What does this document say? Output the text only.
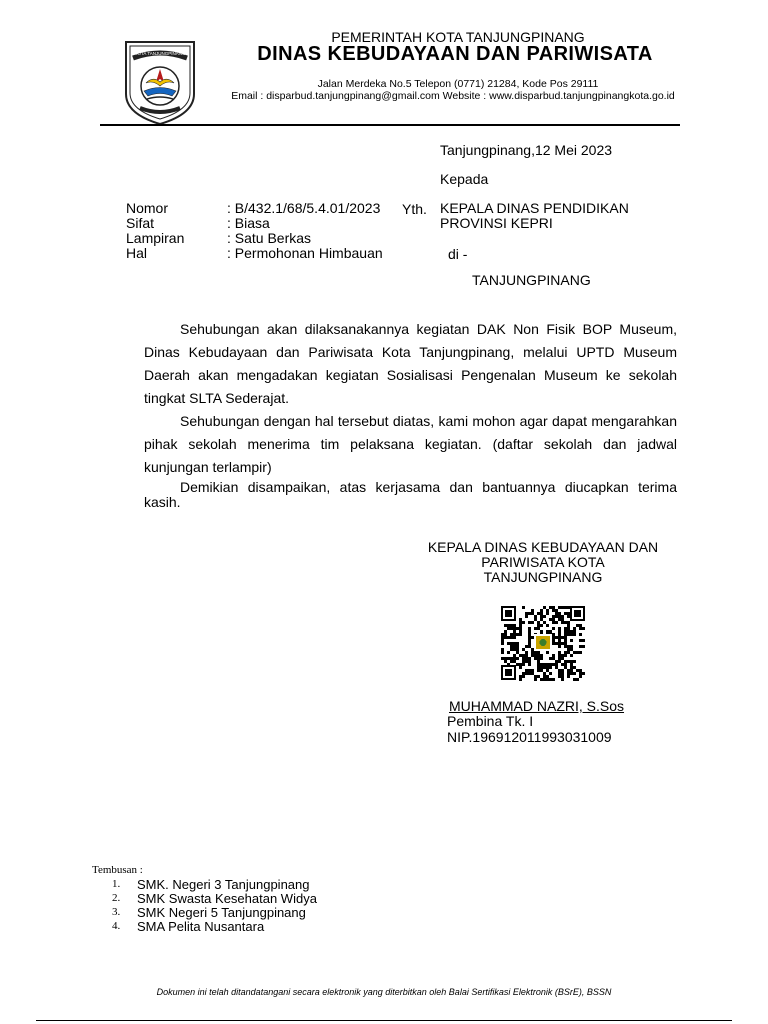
KOTA TANJUNGPINANG
PEMERINTAH KOTA TANJUNGPINANG
DINAS KEBUDAYAAN DAN PARIWISATA
Jalan Merdeka No.5 Telepon (0771) 21284, Kode Pos 29111
Email : disparbud.tanjungpinang@gmail.com Website : www.disparbud.tanjungpinangkota.go.id
Tanjungpinang,12 Mei 2023
Kepada
Nomor	: B/432.1/68/5.4.01/2023
Sifat	: Biasa
Lampiran	: Satu Berkas
Hal	: Permohonan Himbauan
Yth. KEPALA DINAS PENDIDIKAN
PROVINSI KEPRI
di -
TANJUNGPINANG

Sehubungan akan dilaksanakannya kegiatan DAK Non Fisik BOP Museum, Dinas Kebudayaan dan Pariwisata Kota Tanjungpinang, melalui UPTD Museum Daerah akan mengadakan kegiatan Sosialisasi Pengenalan Museum ke sekolah tingkat SLTA Sederajat.

Sehubungan dengan hal tersebut diatas, kami mohon agar dapat mengarahkan pihak sekolah menerima tim pelaksana kegiatan. (daftar sekolah dan jadwal kunjungan terlampir)

Demikian disampaikan, atas kerjasama dan bantuannya diucapkan terima kasih.
KEPALA DINAS KEBUDAYAAN DAN
PARIWISATA KOTA
TANJUNGPINANG
MUHAMMAD NAZRI, S.Sos
Pembina Tk. I
NIP.196912011993031009
Tembusan :
1.	SMK. Negeri 3 Tanjungpinang
2.	SMK Swasta Kesehatan Widya
3.	SMK Negeri 5 Tanjungpinang
4.	SMA Pelita Nusantara
Dokumen ini telah ditandatangani secara elektronik yang diterbitkan oleh Balai Sertifikasi Elektronik (BSrE), BSSN
